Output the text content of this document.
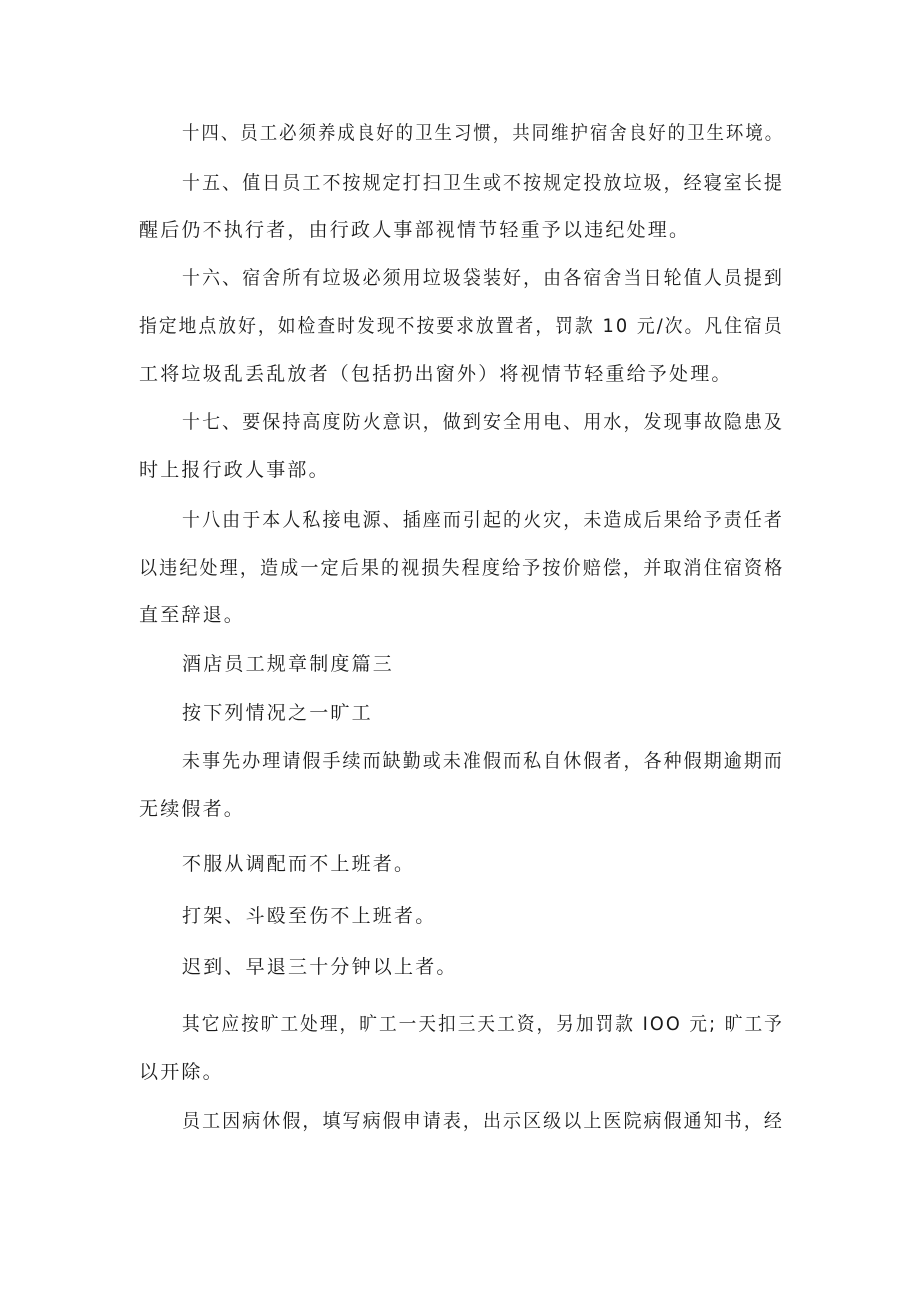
十四、员工必须养成良好的卫生习惯，共同维护宿舍良好的卫生环境。

十五、值日员工不按规定打扫卫生或不按规定投放垃圾，经寝室长提

醒后仍不执行者，由行政人事部视情节轻重予以违纪处理。

十六、宿舍所有垃圾必须用垃圾袋装好，由各宿舍当日轮值人员提到

指定地点放好，如检查时发现不按要求放置者，罚款 10 元/次。凡住宿员

工将垃圾乱丢乱放者（包括扔出窗外）将视情节轻重给予处理。

十七、要保持高度防火意识，做到安全用电、用水，发现事故隐患及

时上报行政人事部。

十八由于本人私接电源、插座而引起的火灾，未造成后果给予责任者

以违纪处理，造成一定后果的视损失程度给予按价赔偿，并取消住宿资格

直至辞退。

酒店员工规章制度篇三

按下列情况之一旷工

未事先办理请假手续而缺勤或未准假而私自休假者，各种假期逾期而

无续假者。

不服从调配而不上班者。

打架、斗殴至伤不上班者。

迟到、早退三十分钟以上者。

其它应按旷工处理，旷工一天扣三天工资，另加罚款 IOO 元; 旷工予

以开除。

员工因病休假，填写病假申请表，出示区级以上医院病假通知书，经
